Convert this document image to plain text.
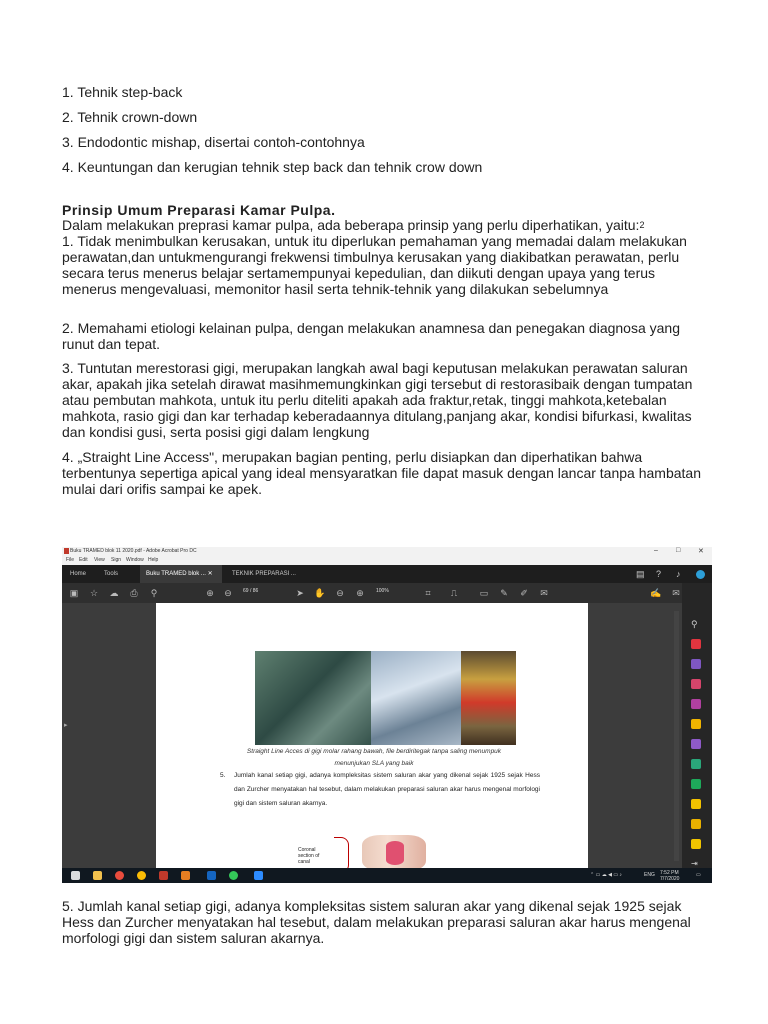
1. Tehnik step-back
2. Tehnik crown-down
3. Endodontic mishap, disertai contoh-contohnya
4. Keuntungan dan kerugian tehnik step back dan tehnik crow down
Prinsip Umum Preparasi Kamar Pulpa.
Dalam melakukan preprasi kamar pulpa, ada beberapa prinsip yang perlu diperhatikan, yaitu:$^2$
1. Tidak menimbulkan kerusakan, untuk itu diperlukan pemahaman yang memadai dalam melakukan perawatan,dan untukmengurangi frekwensi timbulnya kerusakan yang diakibatkan perawatan, perlu secara terus menerus belajar sertamempunyai kepedulian, dan diikuti dengan upaya yang terus menerus mengevaluasi, memonitor hasil serta tehnik-tehnik yang dilakukan sebelumnya
2. Memahami etiologi kelainan pulpa, dengan melakukan anamnesa dan penegakan diagnosa yang runut dan tepat.
3. Tuntutan merestorasi gigi, merupakan langkah awal bagi keputusan melakukan perawatan saluran akar, apakah jika setelah dirawat masihmemungkinkan gigi tersebut di restorasibaik dengan tumpatan atau pembutan mahkota, untuk itu perlu diteliti apakah ada fraktur,retak, tinggi mahkota,ketebalan mahkota, rasio gigi dan kar terhadap keberadaannya ditulang,panjang akar, kondisi bifurkasi, kwalitas dan kondisi gusi, serta posisi gigi dalam lengkung
4. „Straight Line Access", merupakan bagian penting, perlu disiapkan dan diperhatikan bahwa terbentunya sepertiga apical yang ideal mensyaratkan file dapat masuk dengan lancar tanpa hambatan mulai dari orifis sampai ke apek.
Buku TRAMED blok 11 2020.pdf - Adobe Acrobat Pro DC	–	□	✕
File Edit View Sign Window Help
Home	Tools	Buku TRAMED blok ... ✕	TEKNIK PREPARASI ...	▤ ? ♪
▣ ☆ ☁ ⎙	⚲	⊕ ⊖	69 / 86	➤ ✋ ⊖ ⊕	100%	⌗	⎍	▭ ✎ ✐ ✉	✍ ✉
▸
Straight Line Acces di gigi molar rahang bawah, file berdiritegak tanpa saling menumpuk menunjukan SLA yang baik
5. Jumlah kanal setiap gigi, adanya kompleksitas sistem saluran akar yang dikenal sejak 1925 sejak Hess dan Zurcher menyatakan hal tesebut, dalam melakukan preparasi saluran akar harus mengenal morfologi gigi dan sistem saluran akarnya.
Coronal section of canal
⚲
⇥
⌃ ▭ ☁ ◀ ▭ ♪	ENG 7:52 PM
7/7/2020
▭
5. Jumlah kanal setiap gigi, adanya kompleksitas sistem saluran akar yang dikenal sejak 1925 sejak Hess dan Zurcher menyatakan hal tesebut, dalam melakukan preparasi saluran akar harus mengenal morfologi gigi dan sistem saluran akarnya.
